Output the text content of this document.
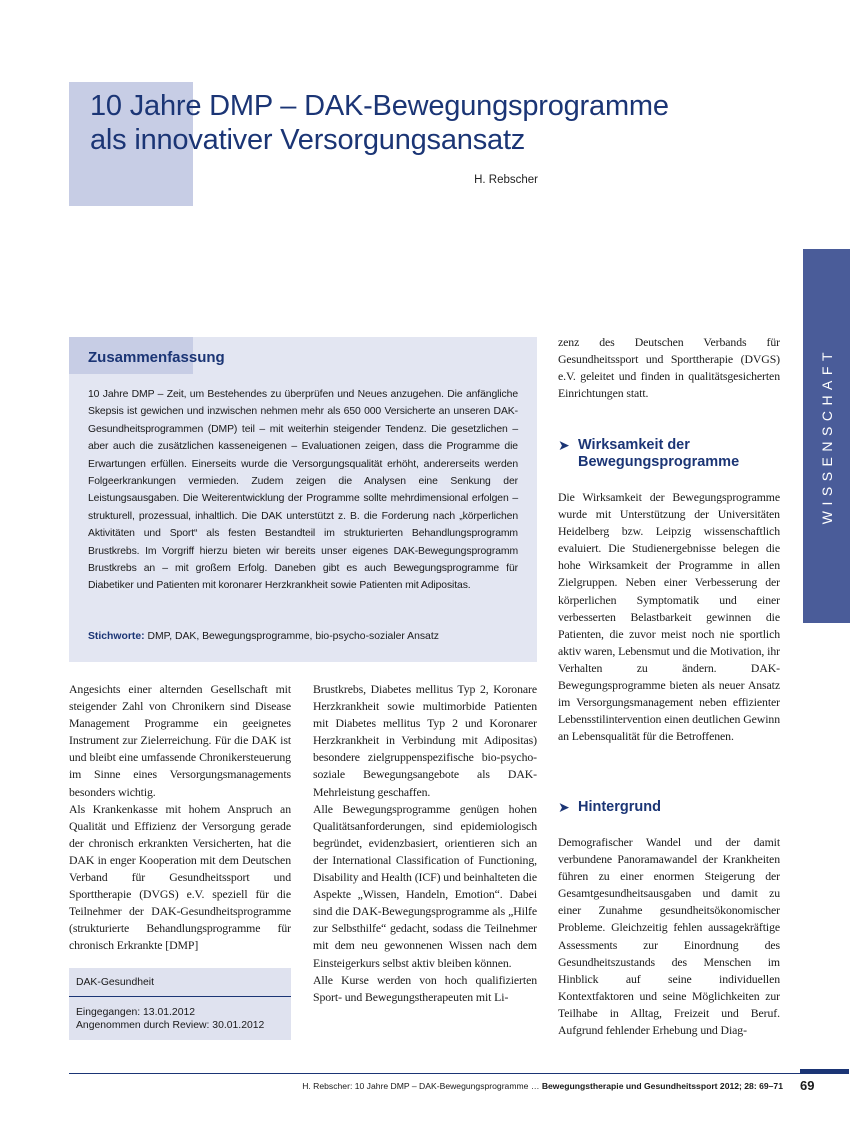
10 Jahre DMP – DAK-Bewegungsprogramme
als innovativer Versorgungsansatz
H. Rebscher
WISSENSCHAFT
Zusammenfassung

10 Jahre DMP – Zeit, um Bestehendes zu überprüfen und Neues anzugehen. Die anfängliche Skepsis ist gewichen und inzwischen nehmen mehr als 650 000 Versicherte an unseren DAK-Gesundheitsprogrammen (DMP) teil – mit weiterhin steigender Tendenz. Die gesetzlichen – aber auch die zusätzlichen kasseneigenen – Evaluationen zeigen, dass die Programme die Erwartungen erfüllen. Einerseits wurde die Versorgungsqualität erhöht, andererseits werden Folgeerkrankungen vermieden. Zudem zeigen die Analysen eine Senkung der Leistungsausgaben. Die Weiterentwicklung der Programme sollte mehrdimensional erfolgen – strukturell, prozessual, inhaltlich. Die DAK unterstützt z. B. die Forderung nach „körperlichen Aktivitäten und Sport“ als festen Bestandteil im strukturierten Behandlungsprogramm Brustkrebs. Im Vorgriff hierzu bieten wir bereits unser eigenes DAK-Bewegungsprogramm Brustkrebs an – mit großem Erfolg. Daneben gibt es auch Bewegungsprogramme für Diabetiker und Patienten mit koronarer Herzkrankheit sowie Patienten mit Adipositas.

Stichworte: DMP, DAK, Bewegungsprogramme, bio-psycho-sozialer Ansatz

Angesichts einer alternden Gesellschaft mit steigender Zahl von Chronikern sind Disease Management Programme ein geeignetes Instrument zur Zielerreichung. Für die DAK ist und bleibt eine umfassende Chronikersteuerung im Sinne eines Versorgungsmanagements besonders wichtig.

Als Krankenkasse mit hohem Anspruch an Qualität und Effizienz der Versorgung gerade der chronisch erkrankten Versicherten, hat die DAK in enger Kooperation mit dem Deutschen Verband für Gesundheitssport und Sporttherapie (DVGS) e.V. speziell für die Teilnehmer der DAK-Gesundheitsprogramme (strukturierte Behandlungsprogramme für chronisch Erkrankte [DMP]

Brustkrebs, Diabetes mellitus Typ 2, Koronare Herzkrankheit sowie multimorbide Patienten mit Diabetes mellitus Typ 2 und Koronarer Herzkrankheit in Verbindung mit Adipositas) besondere zielgruppenspezifische bio-psycho-soziale Bewegungsangebote als DAK-Mehrleistung geschaffen.

Alle Bewegungsprogramme genügen hohen Qualitätsanforderungen, sind epidemiologisch begründet, evidenzbasiert, orientieren sich an der International Classification of Functioning, Disability and Health (ICF) und beinhalteten die Aspekte „Wissen, Handeln, Emotion“. Dabei sind die DAK-Bewegungsprogramme als „Hilfe zur Selbsthilfe“ gedacht, sodass die Teilnehmer mit dem neu gewonnenen Wissen nach dem Einsteigerkurs selbst aktiv bleiben können.

Alle Kurse werden von hoch qualifizierten Sport- und Bewegungstherapeuten mit Li-

zenz des Deutschen Verbands für Gesundheitssport und Sporttherapie (DVGS) e.V. geleitet und finden in qualitätsgesicherten Einrichtungen statt.

➤ Wirksamkeit der Bewegungsprogramme

Die Wirksamkeit der Bewegungsprogramme wurde mit Unterstützung der Universitäten Heidelberg bzw. Leipzig wissenschaftlich evaluiert. Die Studienergebnisse belegen die hohe Wirksamkeit der Programme in allen Zielgruppen. Neben einer Verbesserung der körperlichen Symptomatik und einer verbesserten Belastbarkeit gewinnen die Patienten, die zuvor meist noch nie sportlich aktiv waren, Lebensmut und die Motivation, ihr Verhalten zu ändern. DAK-Bewegungsprogramme bieten als neuer Ansatz im Versorgungsmanagement neben effizienter Lebensstilintervention einen deutlichen Gewinn an Lebensqualität für die Betroffenen.

➤ Hintergrund

Demografischer Wandel und der damit verbundene Panoramawandel der Krankheiten führen zu einer enormen Steigerung der Gesamtgesundheitsausgaben und damit zu einer Zunahme gesundheitsökonomischer Probleme. Gleichzeitig fehlen aussagekräftige Assessments zur Einordnung des Gesundheitszustands des Menschen im Hinblick auf seine individuellen Kontextfaktoren und seine Möglichkeiten zur Teilhabe in Alltag, Freizeit und Beruf. Aufgrund fehlender Erhebung und Diag-

DAK-Gesundheit

Eingegangen: 13.01.2012

Angenommen durch Review: 30.01.2012

H. Rebscher: 10 Jahre DMP – DAK-Bewegungsprogramme … Bewegungstherapie und Gesundheitssport 2012; 28: 69–71 69
